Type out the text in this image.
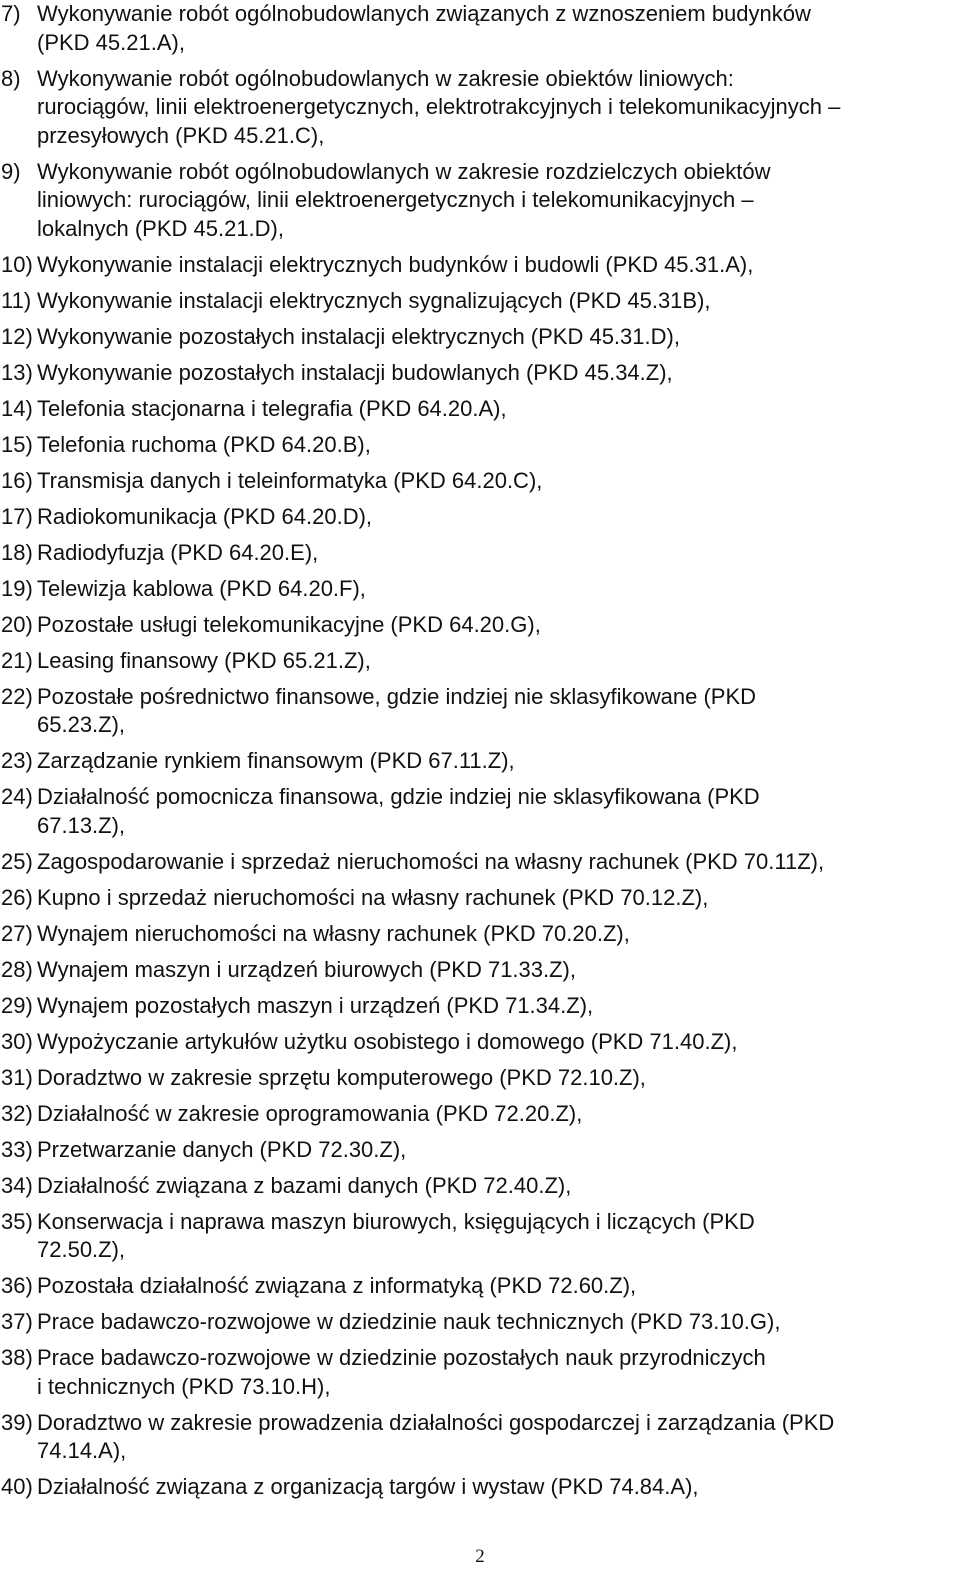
7) Wykonywanie robót ogólnobudowlanych związanych z wznoszeniem budynków
(PKD 45.21.A),
8) Wykonywanie robót ogólnobudowlanych w zakresie obiektów liniowych:
rurociągów, linii elektroenergetycznych, elektrotrakcyjnych i telekomunikacyjnych –
przesyłowych (PKD 45.21.C),
9) Wykonywanie robót ogólnobudowlanych w zakresie rozdzielczych obiektów
liniowych: rurociągów, linii elektroenergetycznych i telekomunikacyjnych –
lokalnych (PKD 45.21.D),
10) Wykonywanie instalacji elektrycznych budynków i budowli (PKD 45.31.A),
11) Wykonywanie instalacji elektrycznych sygnalizujących (PKD 45.31B),
12) Wykonywanie pozostałych instalacji elektrycznych (PKD 45.31.D),
13) Wykonywanie pozostałych instalacji budowlanych (PKD 45.34.Z),
14) Telefonia stacjonarna i telegrafia (PKD 64.20.A),
15) Telefonia ruchoma (PKD 64.20.B),
16) Transmisja danych i teleinformatyka (PKD 64.20.C),
17) Radiokomunikacja (PKD 64.20.D),
18) Radiodyfuzja (PKD 64.20.E),
19) Telewizja kablowa (PKD 64.20.F),
20) Pozostałe usługi telekomunikacyjne (PKD 64.20.G),
21) Leasing finansowy (PKD 65.21.Z),
22) Pozostałe pośrednictwo finansowe, gdzie indziej nie sklasyfikowane (PKD
65.23.Z),
23) Zarządzanie rynkiem finansowym (PKD 67.11.Z),
24) Działalność pomocnicza finansowa, gdzie indziej nie sklasyfikowana (PKD
67.13.Z),
25) Zagospodarowanie i sprzedaż nieruchomości na własny rachunek (PKD 70.11Z),
26) Kupno i sprzedaż nieruchomości na własny rachunek (PKD 70.12.Z),
27) Wynajem nieruchomości na własny rachunek (PKD 70.20.Z),
28) Wynajem maszyn i urządzeń biurowych (PKD 71.33.Z),
29) Wynajem pozostałych maszyn i urządzeń (PKD 71.34.Z),
30) Wypożyczanie artykułów użytku osobistego i domowego (PKD 71.40.Z),
31) Doradztwo w zakresie sprzętu komputerowego (PKD 72.10.Z),
32) Działalność w zakresie oprogramowania (PKD 72.20.Z),
33) Przetwarzanie danych (PKD 72.30.Z),
34) Działalność związana z bazami danych (PKD 72.40.Z),
35) Konserwacja i naprawa maszyn biurowych, księgujących i liczących (PKD
72.50.Z),
36) Pozostała działalność związana z informatyką (PKD 72.60.Z),
37) Prace badawczo-rozwojowe w dziedzinie nauk technicznych (PKD 73.10.G),
38) Prace badawczo-rozwojowe w dziedzinie pozostałych nauk przyrodniczych
i technicznych (PKD 73.10.H),
39) Doradztwo w zakresie prowadzenia działalności gospodarczej i zarządzania (PKD
74.14.A),
40) Działalność związana z organizacją targów i wystaw (PKD 74.84.A),
2
